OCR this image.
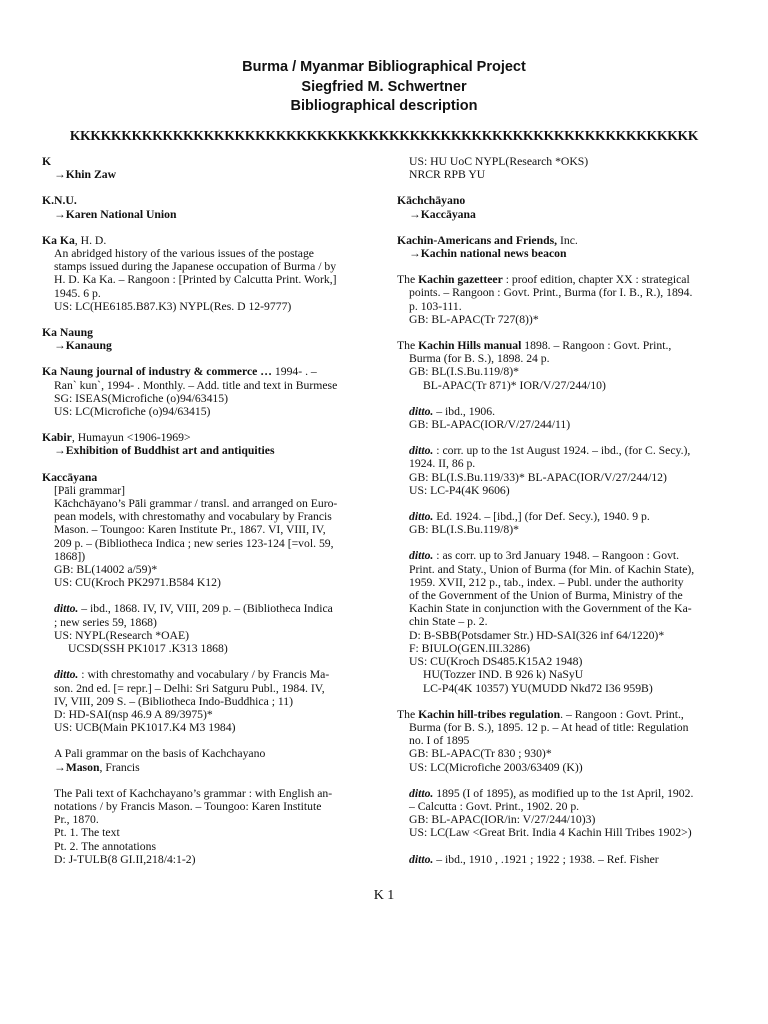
Burma / Myanmar Bibliographical Project
Siegfried M. Schwertner
Bibliographical description
KKKKKKKKKKKKKKKKKKKKKKKKKKKKKKKKKKKKKKKKKKKKKKKKKKKKKKKKKKKKK
K
→Khin Zaw
K.N.U.
→Karen National Union
Ka Ka, H. D.
An abridged history of the various issues of the postage
stamps issued during the Japanese occupation of Burma / by
H. D. Ka Ka. – Rangoon : [Printed by Calcutta Print. Work,]
1945. 6 p.
US: LC(HE6185.B87.K3) NYPL(Res. D 12-9777)
Ka Naung
→Kanaung
Ka Naung journal of industry & commerce … 1994- . –
Ran` kun`, 1994- . Monthly. – Add. title and text in Burmese
SG: ISEAS(Microfiche (o)94/63415)
US: LC(Microfiche (o)94/63415)
Kabir, Humayun <1906-1969>
→Exhibition of Buddhist art and antiquities
Kaccāyana
[Pāli grammar]
Kāchchāyano’s Pāli grammar / transl. and arranged on Euro-
pean models, with chrestomathy and vocabulary by Francis
Mason. – Toungoo: Karen Institute Pr., 1867. VI, VIII, IV,
209 p. – (Bibliotheca Indica ; new series 123-124 [=vol. 59,
1868])
GB: BL(14002 a/59)*
US: CU(Kroch PK2971.B584 K12)
ditto. – ibd., 1868. IV, IV, VIII, 209 p. – (Bibliotheca Indica
; new series 59, 1868)
US: NYPL(Research *OAE)
UCSD(SSH PK1017 .K313 1868)
ditto. : with chrestomathy and vocabulary / by Francis Ma-
son. 2nd ed. [= repr.] – Delhi: Sri Satguru Publ., 1984. IV,
IV, VIII, 209 S. – (Bibliotheca Indo-Buddhica ; 11)
D: HD-SAI(nsp 46.9 A 89/3975)*
US: UCB(Main PK1017.K4 M3 1984)
A Pali grammar on the basis of Kachchayano
→Mason, Francis
The Pali text of Kachchayano’s grammar : with English an-
notations / by Francis Mason. – Toungoo: Karen Institute
Pr., 1870.
Pt. 1. The text
Pt. 2. The annotations
D: J-TULB(8 GI.II,218/4:1-2)
US: HU UoC NYPL(Research *OKS)
NRCR RPB YU
Kāchchāyano
→Kaccāyana
Kachin-Americans and Friends, Inc.
→Kachin national news beacon
The Kachin gazetteer : proof edition, chapter XX : strategical
points. – Rangoon : Govt. Print., Burma (for I. B., R.), 1894.
p. 103-111.
GB: BL-APAC(Tr 727(8))*
The Kachin Hills manual 1898. – Rangoon : Govt. Print.,
Burma (for B. S.), 1898. 24 p.
GB: BL(I.S.Bu.119/8)*
BL-APAC(Tr 871)* IOR/V/27/244/10)
ditto. – ibd., 1906.
GB: BL-APAC(IOR/V/27/244/11)
ditto. : corr. up to the 1st August 1924. – ibd., (for C. Secy.),
1924. II, 86 p.
GB: BL(I.S.Bu.119/33)* BL-APAC(IOR/V/27/244/12)
US: LC-P4(4K 9606)
ditto. Ed. 1924. – [ibd.,] (for Def. Secy.), 1940. 9 p.
GB: BL(I.S.Bu.119/8)*
ditto. : as corr. up to 3rd January 1948. – Rangoon : Govt.
Print. and Staty., Union of Burma (for Min. of Kachin State),
1959. XVII, 212 p., tab., index. – Publ. under the authority
of the Government of the Union of Burma, Ministry of the
Kachin State in conjunction with the Government of the Ka-
chin State – p. 2.
D: B-SBB(Potsdamer Str.) HD-SAI(326 inf 64/1220)*
F: BIULO(GEN.III.3286)
US: CU(Kroch DS485.K15A2 1948)
HU(Tozzer IND. B 926 k) NaSyU
LC-P4(4K 10357) YU(MUDD Nkd72 I36 959B)
The Kachin hill-tribes regulation. – Rangoon : Govt. Print.,
Burma (for B. S.), 1895. 12 p. – At head of title: Regulation
no. I of 1895
GB: BL-APAC(Tr 830 ; 930)*
US: LC(Microfiche 2003/63409 (K))
ditto. 1895 (I of 1895), as modified up to the 1st April, 1902.
– Calcutta : Govt. Print., 1902. 20 p.
GB: BL-APAC(IOR/in: V/27/244/10)3)
US: LC(Law <Great Brit. India 4 Kachin Hill Tribes 1902>)
ditto. – ibd., 1910 , .1921 ; 1922 ; 1938. – Ref. Fisher
K 1
